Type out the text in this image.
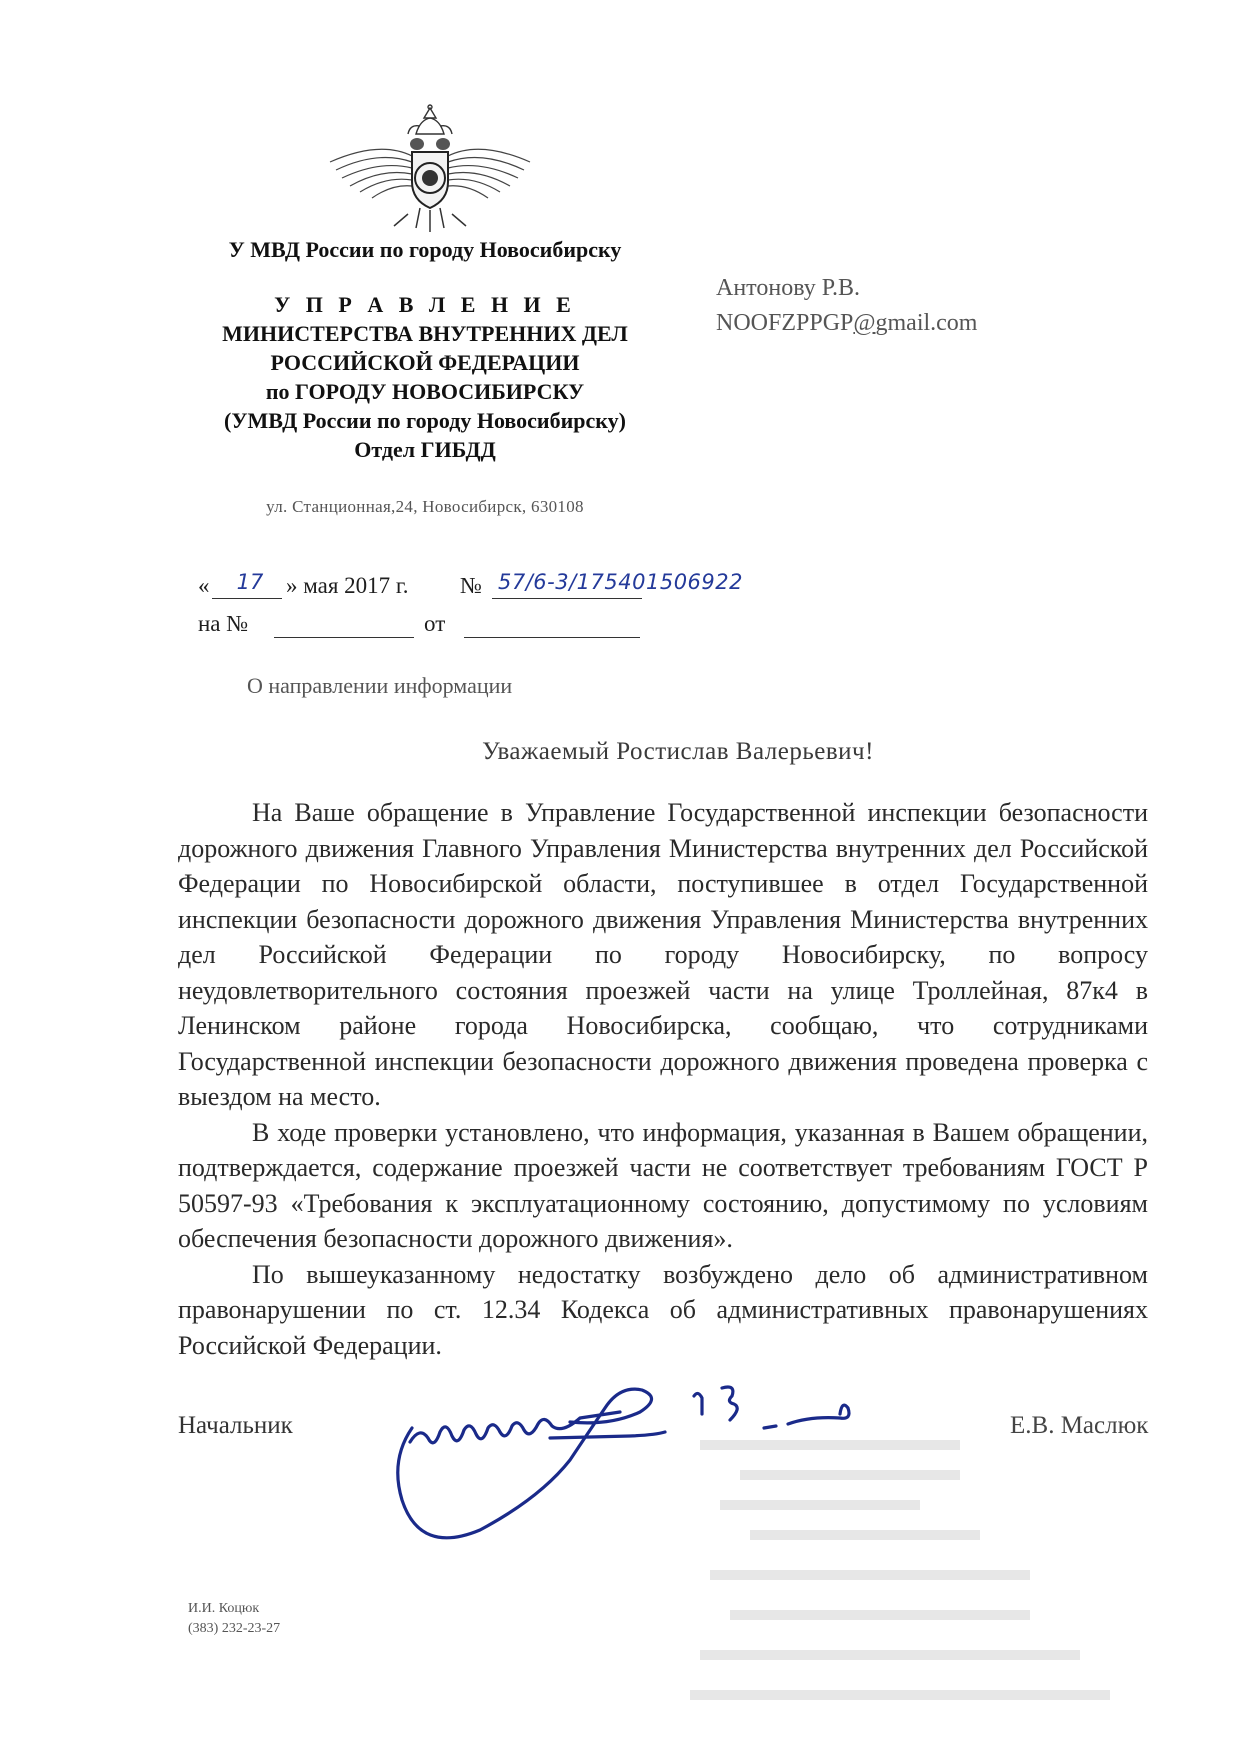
У МВД России по городу Новосибирску
У П Р А В Л Е Н И Е
МИНИСТЕРСТВА ВНУТРЕННИХ ДЕЛ
РОССИЙСКОЙ ФЕДЕРАЦИИ
по ГОРОДУ НОВОСИБИРСКУ
(УМВД России по городу Новосибирску)
Отдел ГИБДД
ул. Станционная,24, Новосибирск, 630108
Антонову Р.В.
NOOFZPPGP@gmail.com
«	17 » мая 2017 г. № 57/6-3/175401506922
на №	от
О направлении информации
Уважаемый Ростислав Валерьевич!

На Ваше обращение в Управление Государственной инспекции безопасности дорожного движения Главного Управления Министерства внутренних дел Российской Федерации по Новосибирской области, поступившее в отдел Государственной инспекции безопасности дорожного движения Управления Министерства внутренних дел Российской Федерации по городу Новосибирску, по вопросу неудовлетворительного состояния проезжей части на улице Троллейная, 87к4 в Ленинском районе города Новосибирска, сообщаю, что сотрудниками Государственной инспекции безопасности дорожного движения проведена проверка с выездом на место.

В ходе проверки установлено, что информация, указанная в Вашем обращении, подтверждается, содержание проезжей части не соответствует требованиям ГОСТ Р 50597-93 «Требования к эксплуатационному состоянию, допустимому по условиям обеспечения безопасности дорожного движения».

По вышеуказанному недостатку возбуждено дело об административном правонарушении по ст. 12.34 Кодекса об административных правонарушениях Российской Федерации.

Начальник	Е.В. Маслюк
И.И. Коцюк
(383) 232-23-27
